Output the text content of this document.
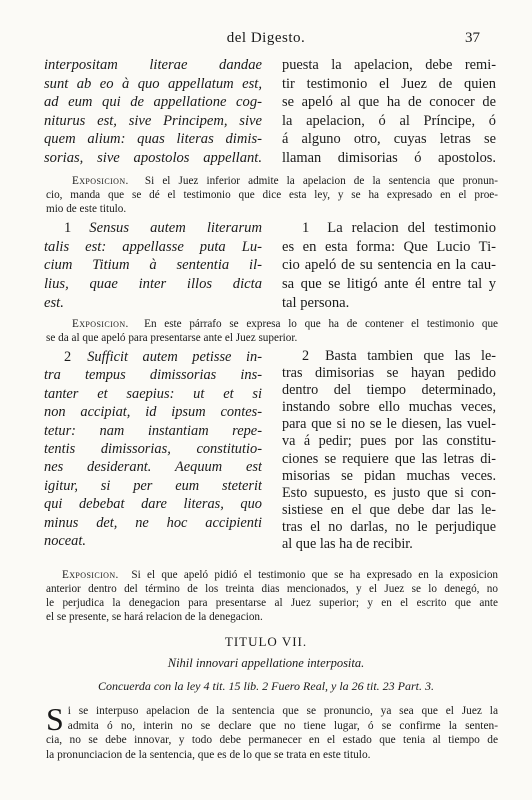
del Digesto.	37
interpositam literae dandae
sunt ab eo à quo appellatum est,
ad eum qui de appellatione cog-
niturus est, sive Principem, sive
quem alium: quas literas dimis-
sorias, sive apostolos appellant.
puesta la apelacion, debe remi-
tir testimonio el Juez de quien
se apeló al que ha de conocer de
la apelacion, ó al Príncipe, ó
á alguno otro, cuyas letras se
llaman dimisorias ó apostolos.
Exposicion. Si el Juez inferior admite la apelacion de la sentencia que pronun-
cio, manda que se dé el testimonio que dice esta ley, y se ha expresado en el proe-
mio de este titulo.
1 Sensus autem literarum
talis est: appellasse puta Lu-
cium Titium à sententia il-
lius, quae inter illos dicta
est.
1 La relacion del testimonio
es en esta forma: Que Lucio Ti-
cio apeló de su sentencia en la cau-
sa que se litigó ante él entre tal y
tal persona.
Exposicion. En este párrafo se expresa lo que ha de contener el testimonio que
se da al que apeló para presentarse ante el Juez superior.
2 Sufficit autem petisse in-
tra tempus dimissorias ins-
tanter et saepius: ut et si
non accipiat, id ipsum contes-
tetur: nam instantiam repe-
tentis dimissorias, constitutio-
nes desiderant. Aequum est
igitur, si per eum steterit
qui debebat dare literas, quo
minus det, ne hoc accipienti
noceat.
2 Basta tambien que las le-
tras dimisorias se hayan pedido
dentro del tiempo determinado,
instando sobre ello muchas veces,
para que si no se le diesen, las vuel-
va á pedir; pues por las constitu-
ciones se requiere que las letras di-
misorias se pidan muchas veces.
Esto supuesto, es justo que si con-
sistiese en el que debe dar las le-
tras el no darlas, no le perjudique
al que las ha de recibir.
Exposicion. Si el que apeló pidió el testimonio que se ha expresado en la exposicion
anterior dentro del término de los treinta dias mencionados, y el Juez se lo denegó, no
le perjudica la denegacion para presentarse al Juez superior; y en el escrito que ante
el se presente, se hará relacion de la denegacion.
TITULO VII.
Nihil innovari appellatione interposita.
Concuerda con la ley 4 tit. 15 lib. 2 Fuero Real, y la 26 tit. 23 Part. 3.
S i se interpuso apelacion de la sentencia que se pronuncio, ya sea que el Juez la
admita ó no, interin no se declare que no tiene lugar, ó se confirme la senten-
cia, no se debe innovar, y todo debe permanecer en el estado que tenia al tiempo de
la pronunciacion de la sentencia, que es de lo que se trata en este titulo.
